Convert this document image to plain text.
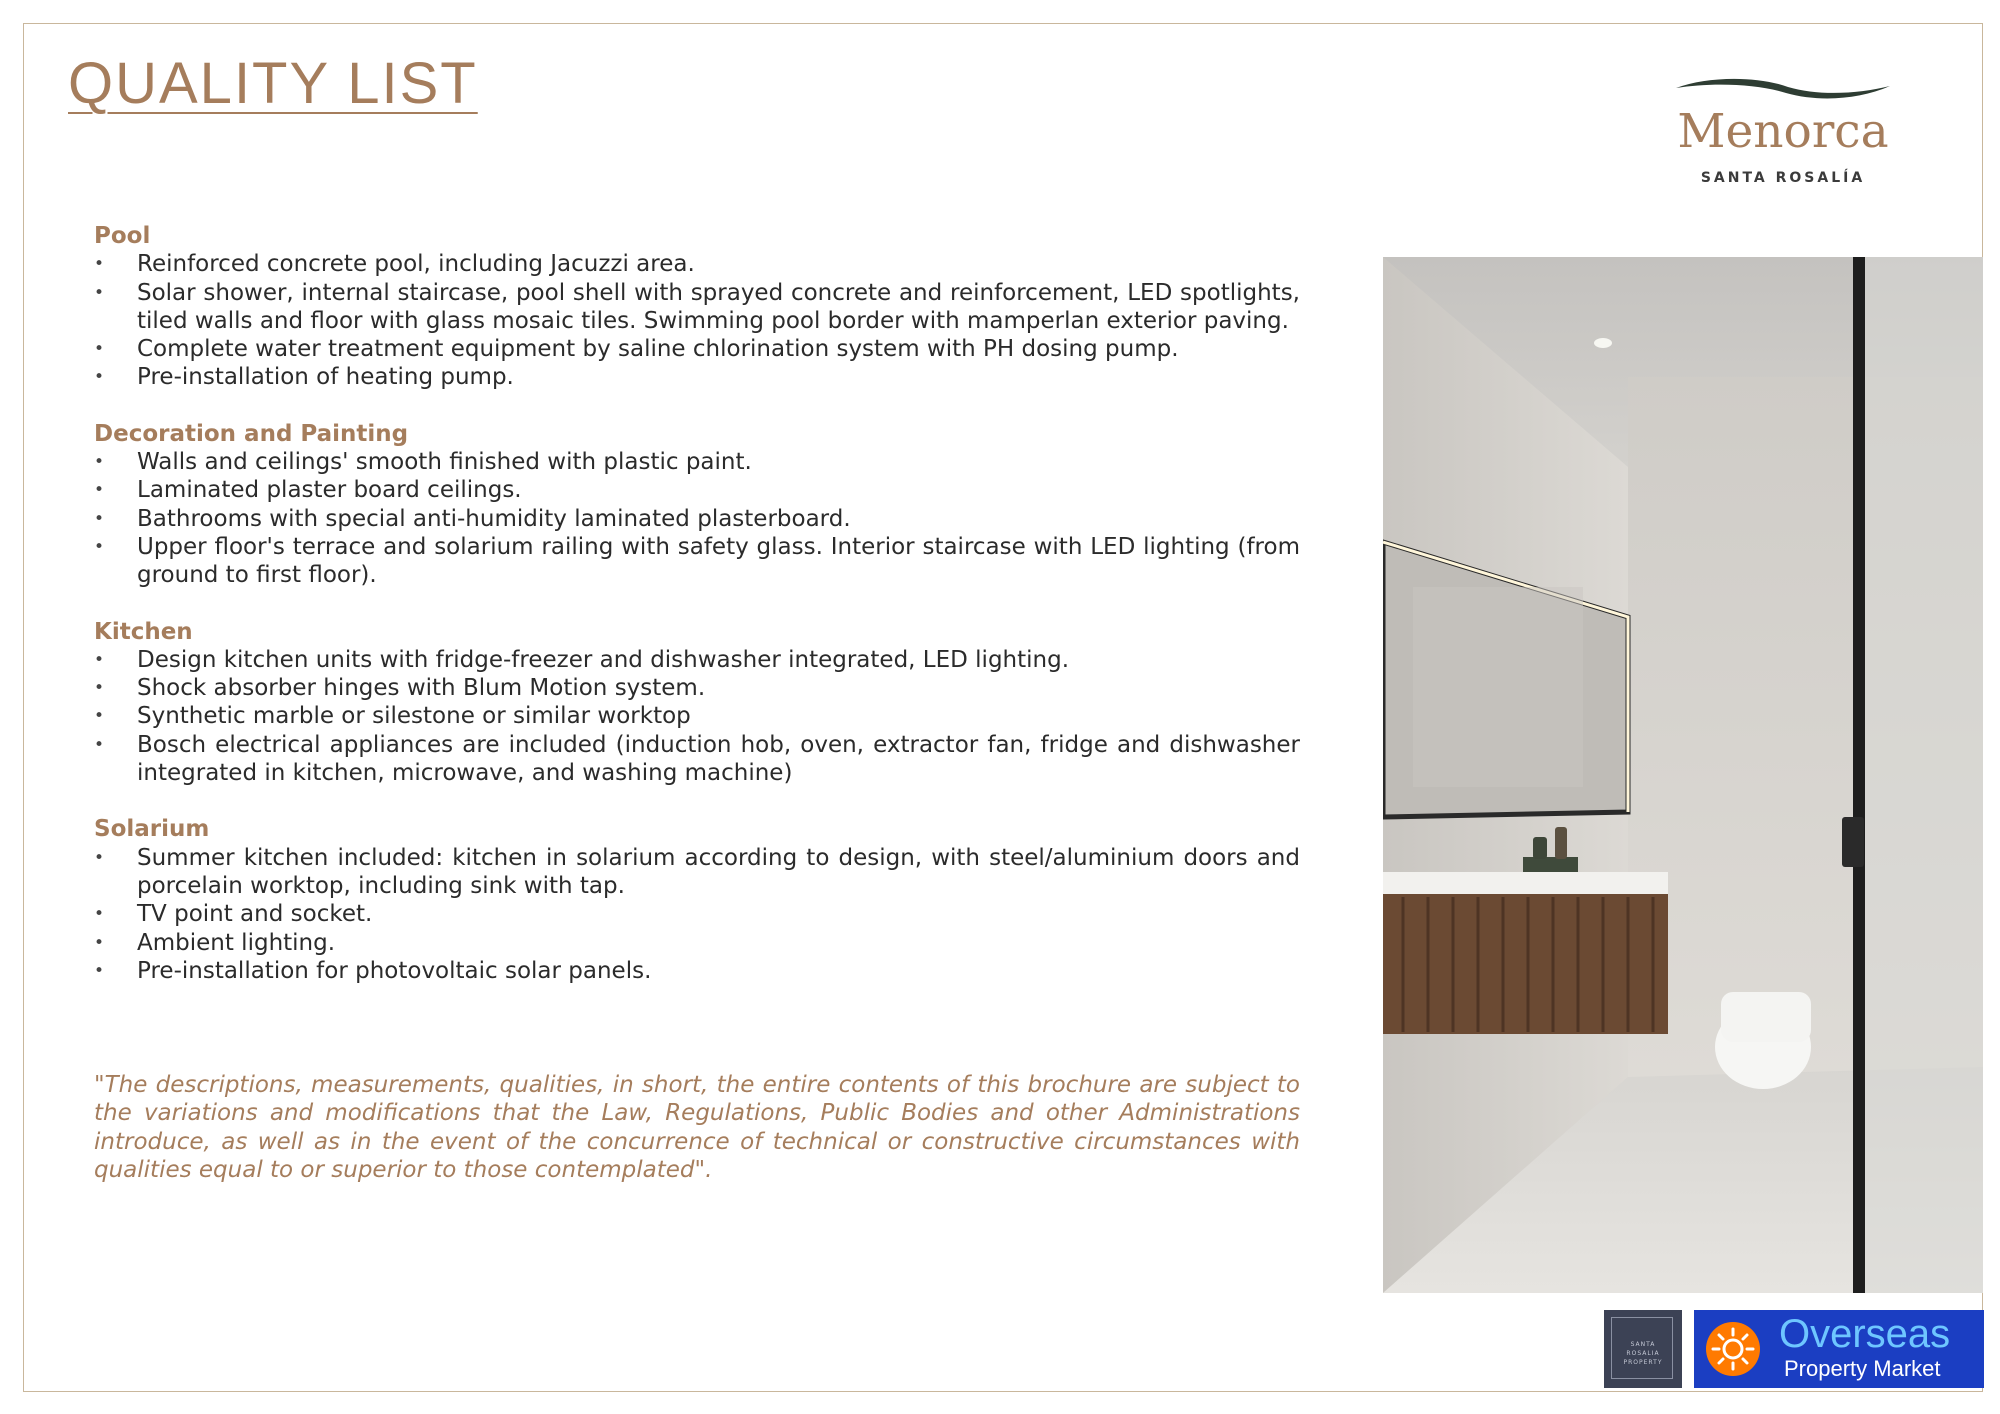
QUALITY LIST

Menorca

SANTA ROSALÍA

Pool

• Reinforced concrete pool, including Jacuzzi area.
• Solar shower, internal staircase, pool shell with sprayed concrete and reinforcement, LED spotlights, tiled walls and floor with glass mosaic tiles. Swimming pool border with mamperlan exterior paving.
• Complete water treatment equipment by saline chlorination system with PH dosing pump.
• Pre-installation of heating pump.

Decoration and Painting

• Walls and ceilings' smooth finished with plastic paint.
• Laminated plaster board ceilings.
• Bathrooms with special anti-humidity laminated plasterboard.
• Upper floor's terrace and solarium railing with safety glass. Interior staircase with LED lighting (from ground to first floor).

Kitchen

• Design kitchen units with fridge-freezer and dishwasher integrated, LED lighting.
• Shock absorber hinges with Blum Motion system.
• Synthetic marble or silestone or similar worktop
• Bosch electrical appliances are included (induction hob, oven, extractor fan, fridge and dishwasher integrated in kitchen, microwave, and washing machine)

Solarium

• Summer kitchen included: kitchen in solarium according to design, with steel/aluminium doors and porcelain worktop, including sink with tap.
• TV point and socket.
• Ambient lighting.
• Pre-installation for photovoltaic solar panels.

"The descriptions, measurements, qualities, in short, the entire contents of this brochure are subject to the variations and modifications that the Law, Regulations, Public Bodies and other Administrations introduce, as well as in the event of the concurrence of technical or constructive circumstances with qualities equal to or superior to those contemplated".

SANTA
ROSALIA
PROPERTY

Overseas

Property Market
